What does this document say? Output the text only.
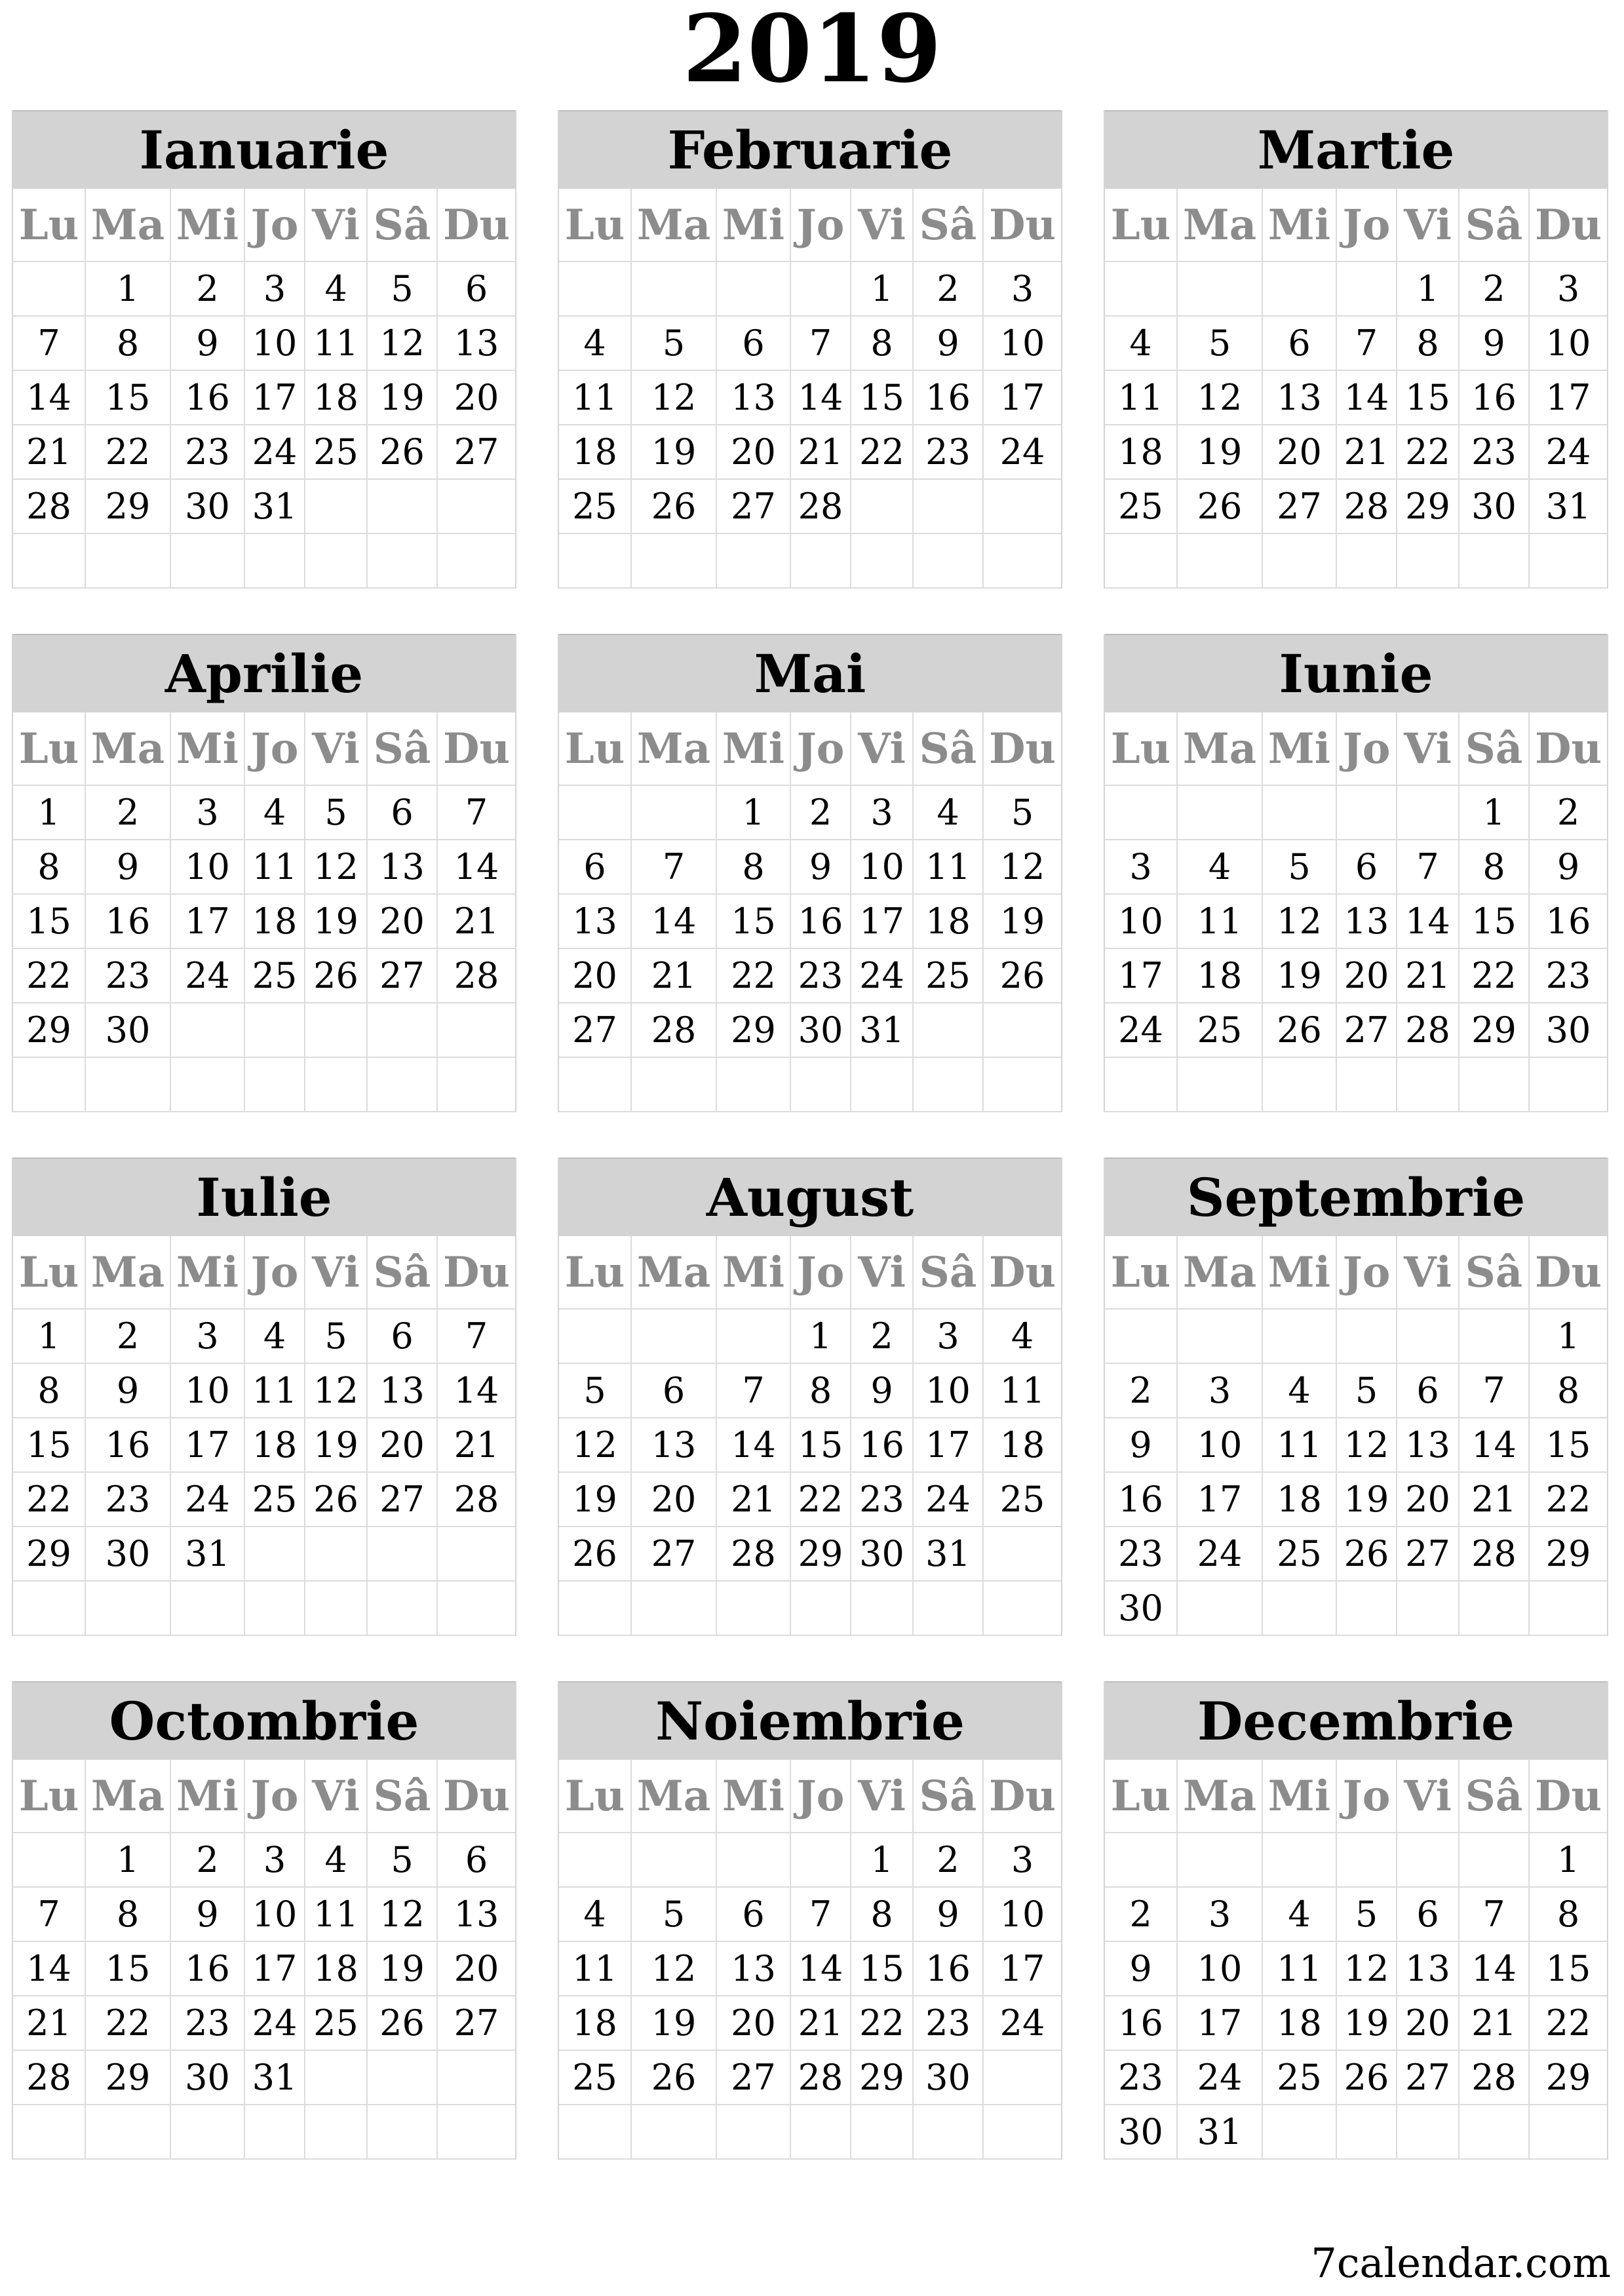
2019
Ianuarie
Lu	Ma	Mi	Jo	Vi	Sâ	Du
	1	2	3	4	5	6
7	8	9	10	11	12	13
14	15	16	17	18	19	20
21	22	23	24	25	26	27
28	29	30	31			

Februarie
Lu	Ma	Mi	Jo	Vi	Sâ	Du
				1	2	3
4	5	6	7	8	9	10
11	12	13	14	15	16	17
18	19	20	21	22	23	24
25	26	27	28			

Martie
Lu	Ma	Mi	Jo	Vi	Sâ	Du
				1	2	3
4	5	6	7	8	9	10
11	12	13	14	15	16	17
18	19	20	21	22	23	24
25	26	27	28	29	30	31

Aprilie
Lu	Ma	Mi	Jo	Vi	Sâ	Du
1	2	3	4	5	6	7
8	9	10	11	12	13	14
15	16	17	18	19	20	21
22	23	24	25	26	27	28
29	30					

Mai
Lu	Ma	Mi	Jo	Vi	Sâ	Du
		1	2	3	4	5
6	7	8	9	10	11	12
13	14	15	16	17	18	19
20	21	22	23	24	25	26
27	28	29	30	31		

Iunie
Lu	Ma	Mi	Jo	Vi	Sâ	Du
					1	2
3	4	5	6	7	8	9
10	11	12	13	14	15	16
17	18	19	20	21	22	23
24	25	26	27	28	29	30

Iulie
Lu	Ma	Mi	Jo	Vi	Sâ	Du
1	2	3	4	5	6	7
8	9	10	11	12	13	14
15	16	17	18	19	20	21
22	23	24	25	26	27	28
29	30	31				

August
Lu	Ma	Mi	Jo	Vi	Sâ	Du
			1	2	3	4
5	6	7	8	9	10	11
12	13	14	15	16	17	18
19	20	21	22	23	24	25
26	27	28	29	30	31	

Septembrie
Lu	Ma	Mi	Jo	Vi	Sâ	Du
						1
2	3	4	5	6	7	8
9	10	11	12	13	14	15
16	17	18	19	20	21	22
23	24	25	26	27	28	29
30						
Octombrie
Lu	Ma	Mi	Jo	Vi	Sâ	Du
	1	2	3	4	5	6
7	8	9	10	11	12	13
14	15	16	17	18	19	20
21	22	23	24	25	26	27
28	29	30	31			

Noiembrie
Lu	Ma	Mi	Jo	Vi	Sâ	Du
				1	2	3
4	5	6	7	8	9	10
11	12	13	14	15	16	17
18	19	20	21	22	23	24
25	26	27	28	29	30	

Decembrie
Lu	Ma	Mi	Jo	Vi	Sâ	Du
						1
2	3	4	5	6	7	8
9	10	11	12	13	14	15
16	17	18	19	20	21	22
23	24	25	26	27	28	29
30	31					
7calendar.com
